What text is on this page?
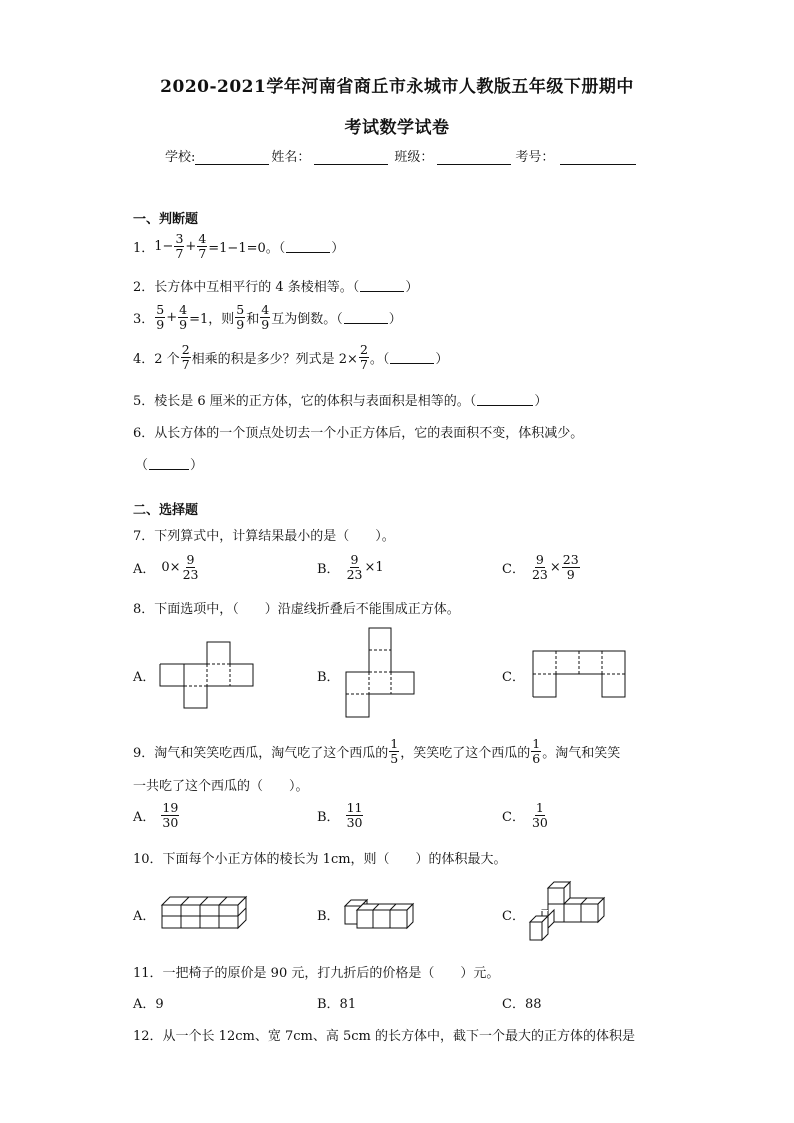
2020-2021学年河南省商丘市永城市人教版五年级下册期中
考试数学试卷
学校:	姓名：	班级：	考号：
一、判断题
1． $1- \frac{3}{7} + \frac{4}{7} =1-1=0$。（	）
2．长方体中互相平行的 4 条棱相等。（	）
3． $\frac{5}{9} + \frac{4}{9} =1$，则 $\frac{5}{9}$ 和 $\frac{4}{9}$ 互为倒数。（	）
4．2 个 $\frac{2}{7}$ 相乘的积是多少？列式是 $2\times \frac{2}{7}$ 。（	）
5．棱长是 6 厘米的正方体，它的体积与表面积是相等的。（	）
6．从长方体的一个顶点处切去一个小正方体后，它的表面积不变，体积减少。
（	）
二、选择题
7．下列算式中，计算结果最小的是（　　）。
A． $0\times \frac{9}{23}$	B． $\frac{9}{23} \times 1$	C． $\frac{9}{23} \times \frac{23}{9}$
8．下面选项中，（　　）沿虚线折叠后不能围成正方体。
A．	B．	C．
9．淘气和笑笑吃西瓜，淘气吃了这个西瓜的 $\frac{1}{5}$ ，笑笑吃了这个西瓜的 $\frac{1}{6}$ 。淘气和笑笑
一共吃了这个西瓜的（　　）。
A． $\frac{19}{30}$	B． $\frac{11}{30}$	C． $\frac{1}{30}$
10．下面每个小正方体的棱长为 1cm，则（　　）的体积最大。
A．	B．	C．
11．一把椅子的原价是 90 元，打九折后的价格是（　　）元。
A．9	B．81	C．88
12．从一个长 12cm、宽 7cm、高 5cm 的长方体中，截下一个最大的正方体的体积是
